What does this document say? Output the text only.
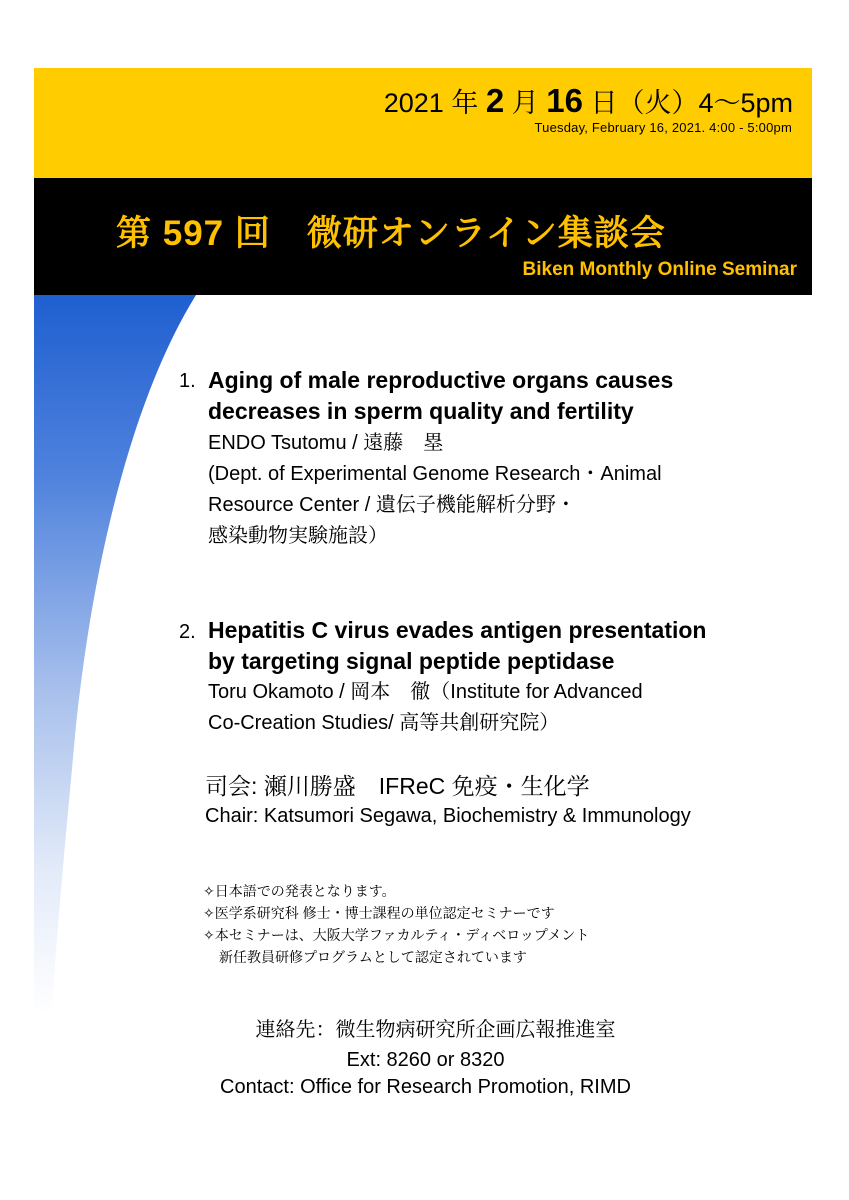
2021 年 2 月 16 日（火）4～5pm
Tuesday, February 16, 2021. 4:00 - 5:00pm
第 597 回　微研オンライン集談会
Biken Monthly Online Seminar
1. Aging of male reproductive organs causes
decreases in sperm quality and fertility
ENDO Tsutomu / 遠藤　塁
(Dept. of Experimental Genome Research・Animal
Resource Center / 遺伝子機能解析分野・
感染動物実験施設）
2. Hepatitis C virus evades antigen presentation
by targeting signal peptide peptidase
Toru Okamoto / 岡本　徹（Institute for Advanced
Co-Creation Studies/ 高等共創研究院）
司会: 瀬川勝盛　IFReC 免疫・生化学
Chair: Katsumori Segawa, Biochemistry & Immunology
✧日本語での発表となります。
✧医学系研究科 修士・博士課程の単位認定セミナーです
✧本セミナーは、大阪大学ファカルティ・ディベロップメント
新任教員研修プログラムとして認定されています
連絡先：微生物病研究所企画広報推進室
Ext: 8260 or 8320
Contact: Office for Research Promotion, RIMD
